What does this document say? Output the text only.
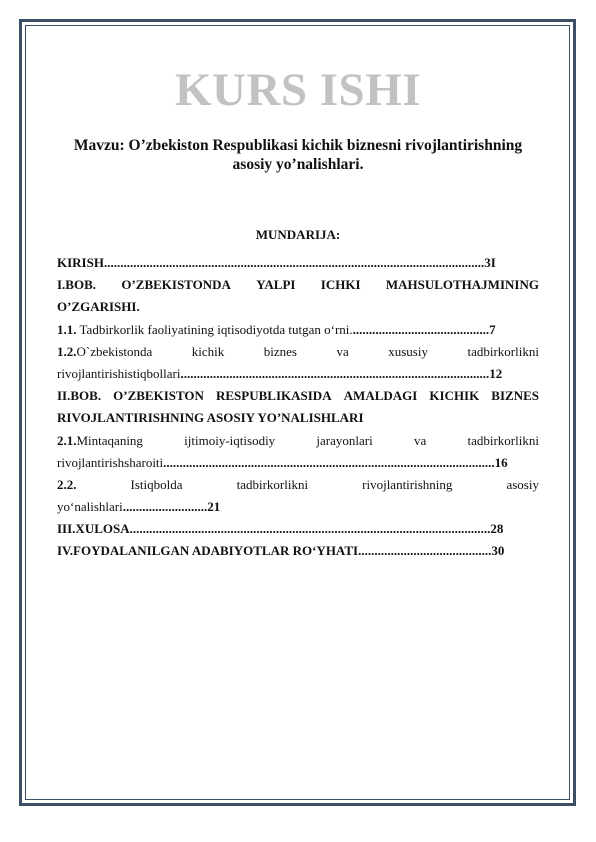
KURS ISHI
Mavzu: O’zbekiston Respublikasi kichik biznesni rivojlantirishning
asosiy yo’nalishlari.
MUNDARIJA:
KIRISH.....................................................................................................................3I
I.BOB. O’ZBEKISTONDA YALPI ICHKI MAHSULOTHAJMINING
O’ZGARISHI.
1.1. Tadbirkorlik faoliyatining iqtisodiyotda tutgan o‘rni...........................................7
1.2.O`zbekistonda	kichik	biznes	va	xususiy	tadbirkorlikni
rivojlantirishistiqbollari...............................................................................................12
II.BOB. O’ZBEKISTON RESPUBLIKASIDA AMALDAGI KICHIK BIZNES
RIVOJLANTIRISHNING ASOSIY YO’NALISHLARI
2.1.Mintaqaning	ijtimoiy-iqtisodiy	jarayonlari	va	tadbirkorlikni
rivojlantirishsharoiti......................................................................................................16
2.2.	Istiqbolda	tadbirkorlikni	rivojlantirishning	asosiy
yo‘nalishlari..........................21
III.XULOSA...............................................................................................................28
IV.FOYDALANILGAN ADABIYOTLAR RO‘YHATI.........................................30
